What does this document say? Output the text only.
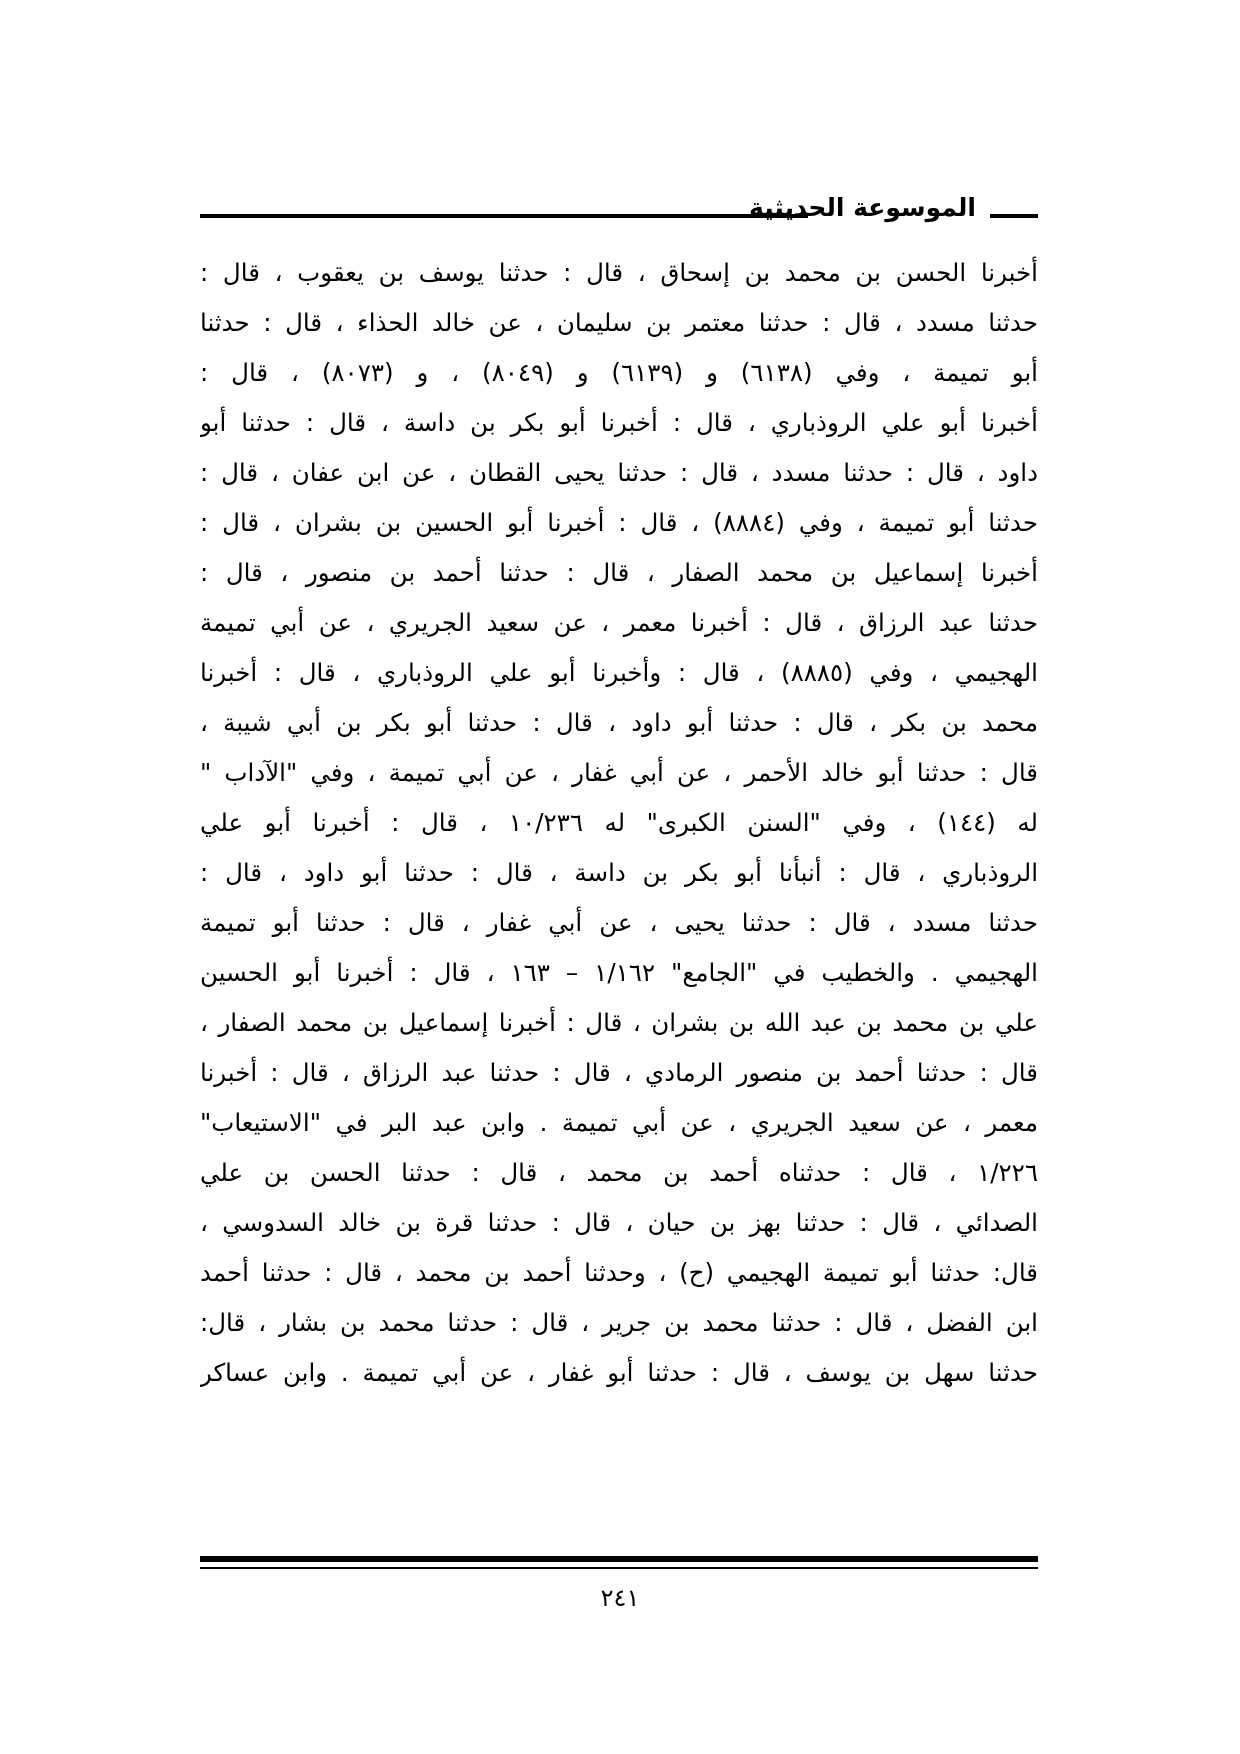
الموسوعة الحديثية
أخبرنا الحسن بن محمد بن إسحاق ، قال : حدثنا يوسف بن يعقوب ، قال :
حدثنا مسدد ، قال : حدثنا معتمر بن سليمان ، عن خالد الحذاء ، قال : حدثنا
أبو تميمة ، وفي (٦١٣٨) و (٦١٣٩) و (٨٠٤٩) ، و (٨٠٧٣) ، قال :
أخبرنا أبو علي الروذباري ، قال : أخبرنا أبو بكر بن داسة ، قال : حدثنا أبو
داود ، قال : حدثنا مسدد ، قال : حدثنا يحيى القطان ، عن ابن عفان ، قال :
حدثنا أبو تميمة ، وفي (٨٨٨٤) ، قال : أخبرنا أبو الحسين بن بشران ، قال :
أخبرنا إسماعيل بن محمد الصفار ، قال : حدثنا أحمد بن منصور ، قال :
حدثنا عبد الرزاق ، قال : أخبرنا معمر ، عن سعيد الجريري ، عن أبي تميمة
الهجيمي ، وفي (٨٨٨٥) ، قال : وأخبرنا أبو علي الروذباري ، قال : أخبرنا
محمد بن بكر ، قال : حدثنا أبو داود ، قال : حدثنا أبو بكر بن أبي شيبة ،
قال : حدثنا أبو خالد الأحمر ، عن أبي غفار ، عن أبي تميمة ، وفي "الآداب "
له (١٤٤) ، وفي "السنن الكبرى" له ١٠/٢٣٦ ، قال : أخبرنا أبو علي
الروذباري ، قال : أنبأنا أبو بكر بن داسة ، قال : حدثنا أبو داود ، قال :
حدثنا مسدد ، قال : حدثنا يحيى ، عن أبي غفار ، قال : حدثنا أبو تميمة
الهجيمي . والخطيب في "الجامع" ١/١٦٢ – ١٦٣ ، قال : أخبرنا أبو الحسين
علي بن محمد بن عبد الله بن بشران ، قال : أخبرنا إسماعيل بن محمد الصفار ،
قال : حدثنا أحمد بن منصور الرمادي ، قال : حدثنا عبد الرزاق ، قال : أخبرنا
معمر ، عن سعيد الجريري ، عن أبي تميمة . وابن عبد البر في "الاستيعاب"
١/٢٢٦ ، قال : حدثناه أحمد بن محمد ، قال : حدثنا الحسن بن علي
الصدائي ، قال : حدثنا بهز بن حيان ، قال : حدثنا قرة بن خالد السدوسي ،
قال: حدثنا أبو تميمة الهجيمي (ح) ، وحدثنا أحمد بن محمد ، قال : حدثنا أحمد
ابن الفضل ، قال : حدثنا محمد بن جرير ، قال : حدثنا محمد بن بشار ، قال:
حدثنا سهل بن يوسف ، قال : حدثنا أبو غفار ، عن أبي تميمة . وابن عساكر
٢٤١
